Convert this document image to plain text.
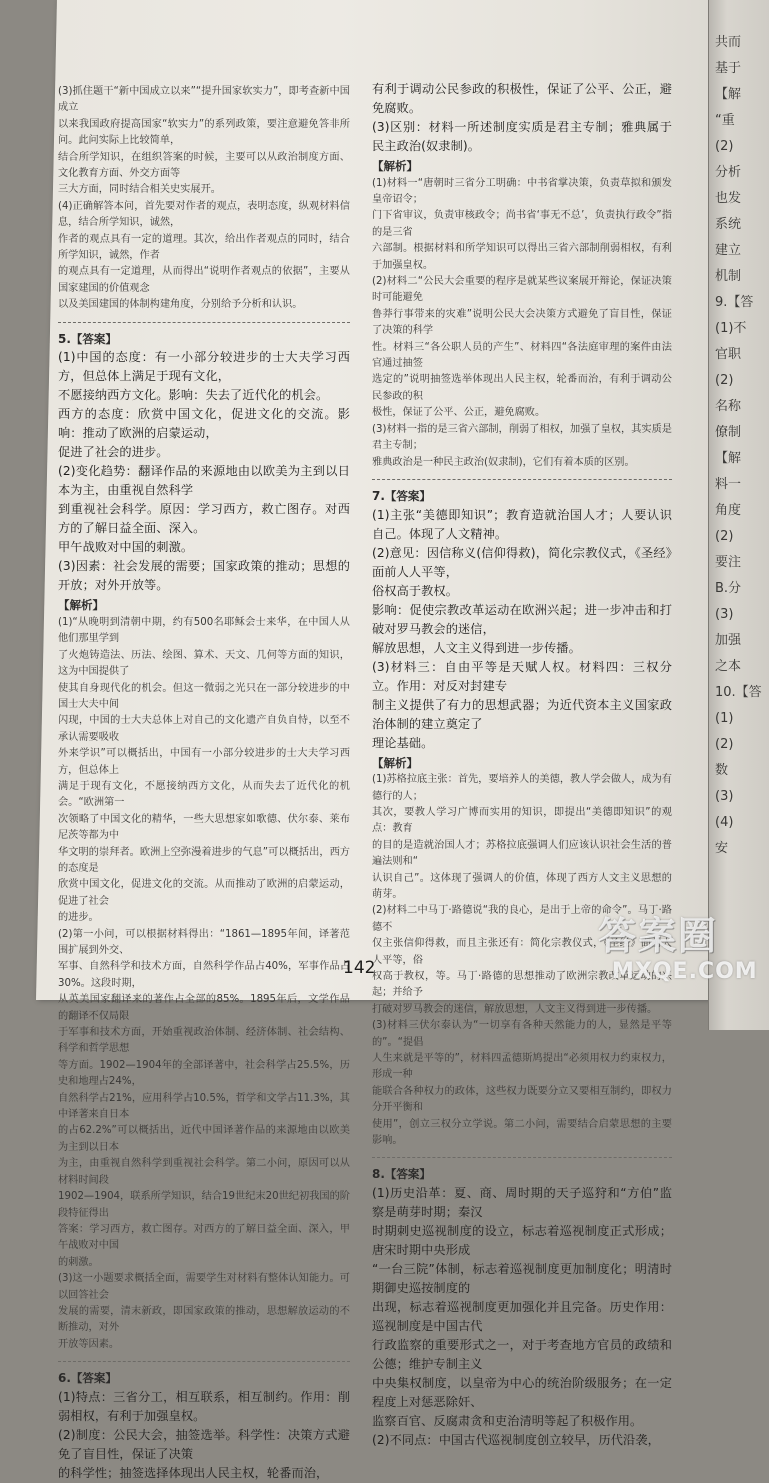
共而

基于

【解

“重

(2)

分析

也发

系统

建立

机制

9.【答

(1)不

官职

(2)

名称

僚制

【解

料一

角度

(2)

要注

B.分

(3)

加强

之本

10.【答

(1)

(2)

数

(3)

(4)

安

(3)抓住题干“新中国成立以来”“提升国家软实力”，即考查新中国成立

以来我国政府提高国家“软实力”的系列政策，要注意避免答非所问。此问实际上比较简单，

结合所学知识，在组织答案的时候，主要可以从政治制度方面、文化教育方面、外交方面等

三大方面，同时结合相关史实展开。

(4)正确解答本问，首先要对作者的观点，表明态度，纵观材料信息，结合所学知识，诚然，

作者的观点具有一定的道理。其次，给出作者观点的同时，结合所学知识，诚然，作者

的观点具有一定道理，从而得出“说明作者观点的依据”，主要从国家建国的价值观念

以及美国建国的体制构建角度，分别给予分析和认识。

5.【答案】

(1)中国的态度：有一小部分较进步的士大夫学习西方，但总体上满足于现有文化，

不愿接纳西方文化。影响：失去了近代化的机会。

西方的态度：欣赏中国文化，促进文化的交流。影响：推动了欧洲的启蒙运动，

促进了社会的进步。

(2)变化趋势：翻译作品的来源地由以欧美为主到以日本为主，由重视自然科学

到重视社会科学。原因：学习西方，救亡图存。对西方的了解日益全面、深入。

甲午战败对中国的刺激。

(3)因素：社会发展的需要；国家政策的推动；思想的开放；对外开放等。

【解析】

(1)“从晚明到清朝中期，约有500名耶稣会士来华，在中国人从他们那里学到

了火炮铸造法、历法、绘图、算术、天文、几何等方面的知识，这为中国提供了

使其自身现代化的机会。但这一微弱之光只在一部分较进步的中国士大夫中间

闪现，中国的士大夫总体上对自己的文化遗产自负自恃，以至不承认需要吸收

外来学识”可以概括出，中国有一小部分较进步的士大夫学习西方，但总体上

满足于现有文化，不愿接纳西方文化，从而失去了近代化的机会。“欧洲第一

次领略了中国文化的精华，一些大思想家如歌德、伏尔泰、莱布尼茨等都为中

华文明的崇拜者。欧洲上空弥漫着进步的气息”可以概括出，西方的态度是

欣赏中国文化，促进文化的交流。从而推动了欧洲的启蒙运动，促进了社会

的进步。

(2)第一小问，可以根据材料得出：“1861—1895年间，译著范围扩展到外交、

军事、自然科学和技术方面，自然科学作品占40%，军事作品占30%。这段时期，

从英美国家翻译来的著作占全部的85%。1895年后，文学作品的翻译不仅局限

于军事和技术方面，开始重视政治体制、经济体制、社会结构、科学和哲学思想

等方面。1902—1904年的全部译著中，社会科学占25.5%，历史和地理占24%，

自然科学占21%，应用科学占10.5%，哲学和文学占11.3%，其中译著来自日本

的占62.2%”可以概括出，近代中国译著作品的来源地由以欧美为主到以日本

为主，由重视自然科学到重视社会科学。第二小问，原因可以从材料时间段

1902—1904，联系所学知识，结合19世纪末20世纪初我国的阶段特征得出

答案：学习西方，救亡图存。对西方的了解日益全面、深入，甲午战败对中国

的刺激。

(3)这一小题要求概括全面，需要学生对材料有整体认知能力。可以回答社会

发展的需要，清末新政，即国家政策的推动，思想解放运动的不断推动，对外

开放等因素。

6.【答案】

(1)特点：三省分工，相互联系，相互制约。作用：削弱相权，有利于加强皇权。

(2)制度：公民大会，抽签选举。科学性：决策方式避免了盲目性，保证了决策

的科学性；抽签选择体现出人民主权，轮番而治，

有利于调动公民参政的积极性，保证了公平、公正，避免腐败。

(3)区别：材料一所述制度实质是君主专制；雅典属于民主政治(奴隶制)。

【解析】

(1)材料一“唐朝时三省分工明确：中书省掌决策，负责草拟和颁发皇帝诏令；

门下省审议，负责审核政令；尚书省‘事无不总’，负责执行政令”指的是三省

六部制。根据材料和所学知识可以得出三省六部制削弱相权，有利于加强皇权。

(2)材料二“公民大会重要的程序是就某些议案展开辩论，保证决策时可能避免

鲁莽行事带来的灾难”说明公民大会决策方式避免了盲目性，保证了决策的科学

性。材料三“各公职人员的产生”、材料四“各法庭审理的案件由法官通过抽签

选定的”说明抽签选举体现出人民主权，轮番而治，有利于调动公民参政的积

极性，保证了公平、公正，避免腐败。

(3)材料一指的是三省六部制，削弱了相权，加强了皇权，其实质是君主专制；

雅典政治是一种民主政治(奴隶制)，它们有着本质的区别。

7.【答案】

(1)主张“美德即知识”；教育造就治国人才；人要认识自己。体现了人文精神。

(2)意见：因信称义(信仰得救)，简化宗教仪式，《圣经》面前人人平等，

俗权高于教权。

影响：促使宗教改革运动在欧洲兴起；进一步冲击和打破对罗马教会的迷信，

解放思想，人文主义得到进一步传播。

(3)材料三：自由平等是天赋人权。材料四：三权分立。作用：对反对封建专

制主义提供了有力的思想武器；为近代资本主义国家政治体制的建立奠定了

理论基础。

【解析】

(1)苏格拉底主张：首先，要培养人的美德，教人学会做人，成为有德行的人；

其次，要教人学习广博而实用的知识，即提出“美德即知识”的观点：教育

的目的是造就治国人才；苏格拉底强调人们应该认识社会生活的普遍法则和“

认识自己”。这体现了强调人的价值，体现了西方人文主义思想的萌芽。

(2)材料二中马丁·路德说“我的良心，是出于上帝的命令”。马丁·路德不

仅主张信仰得救，而且主张还有：简化宗教仪式，《圣经》面前人人平等，俗

权高于教权，等。马丁·路德的思想推动了欧洲宗教改革运动的兴起；并给予

打破对罗马教会的迷信，解放思想，人文主义得到进一步传播。

(3)材料三伏尔泰认为“一切享有各种天然能力的人，显然是平等的”。“提倡

人生来就是平等的”，材料四孟德斯鸠提出“必须用权力约束权力，形成一种

能联合各种权力的政体，这些权力既要分立又要相互制约，即权力分开平衡和

使用”，创立三权分立学说。第二小问，需要结合启蒙思想的主要影响。

8.【答案】

(1)历史沿革：夏、商、周时期的天子巡狩和“方伯”监察是萌芽时期；秦汉

时期刺史巡视制度的设立，标志着巡视制度正式形成；唐宋时期中央形成

“一台三院”体制，标志着巡视制度更加制度化；明清时期御史巡按制度的

出现，标志着巡视制度更加强化并且完备。历史作用：巡视制度是中国古代

行政监察的重要形式之一，对于考查地方官员的政绩和公德；维护专制主义

中央集权制度，以皇帝为中心的统治阶级服务；在一定程度上对惩恶除奸、

监察百官、反腐肃贪和吏治清明等起了积极作用。

(2)不同点：中国古代巡视制度创立较早，历代沿袭，

142
答案圈
MXQE.COM
